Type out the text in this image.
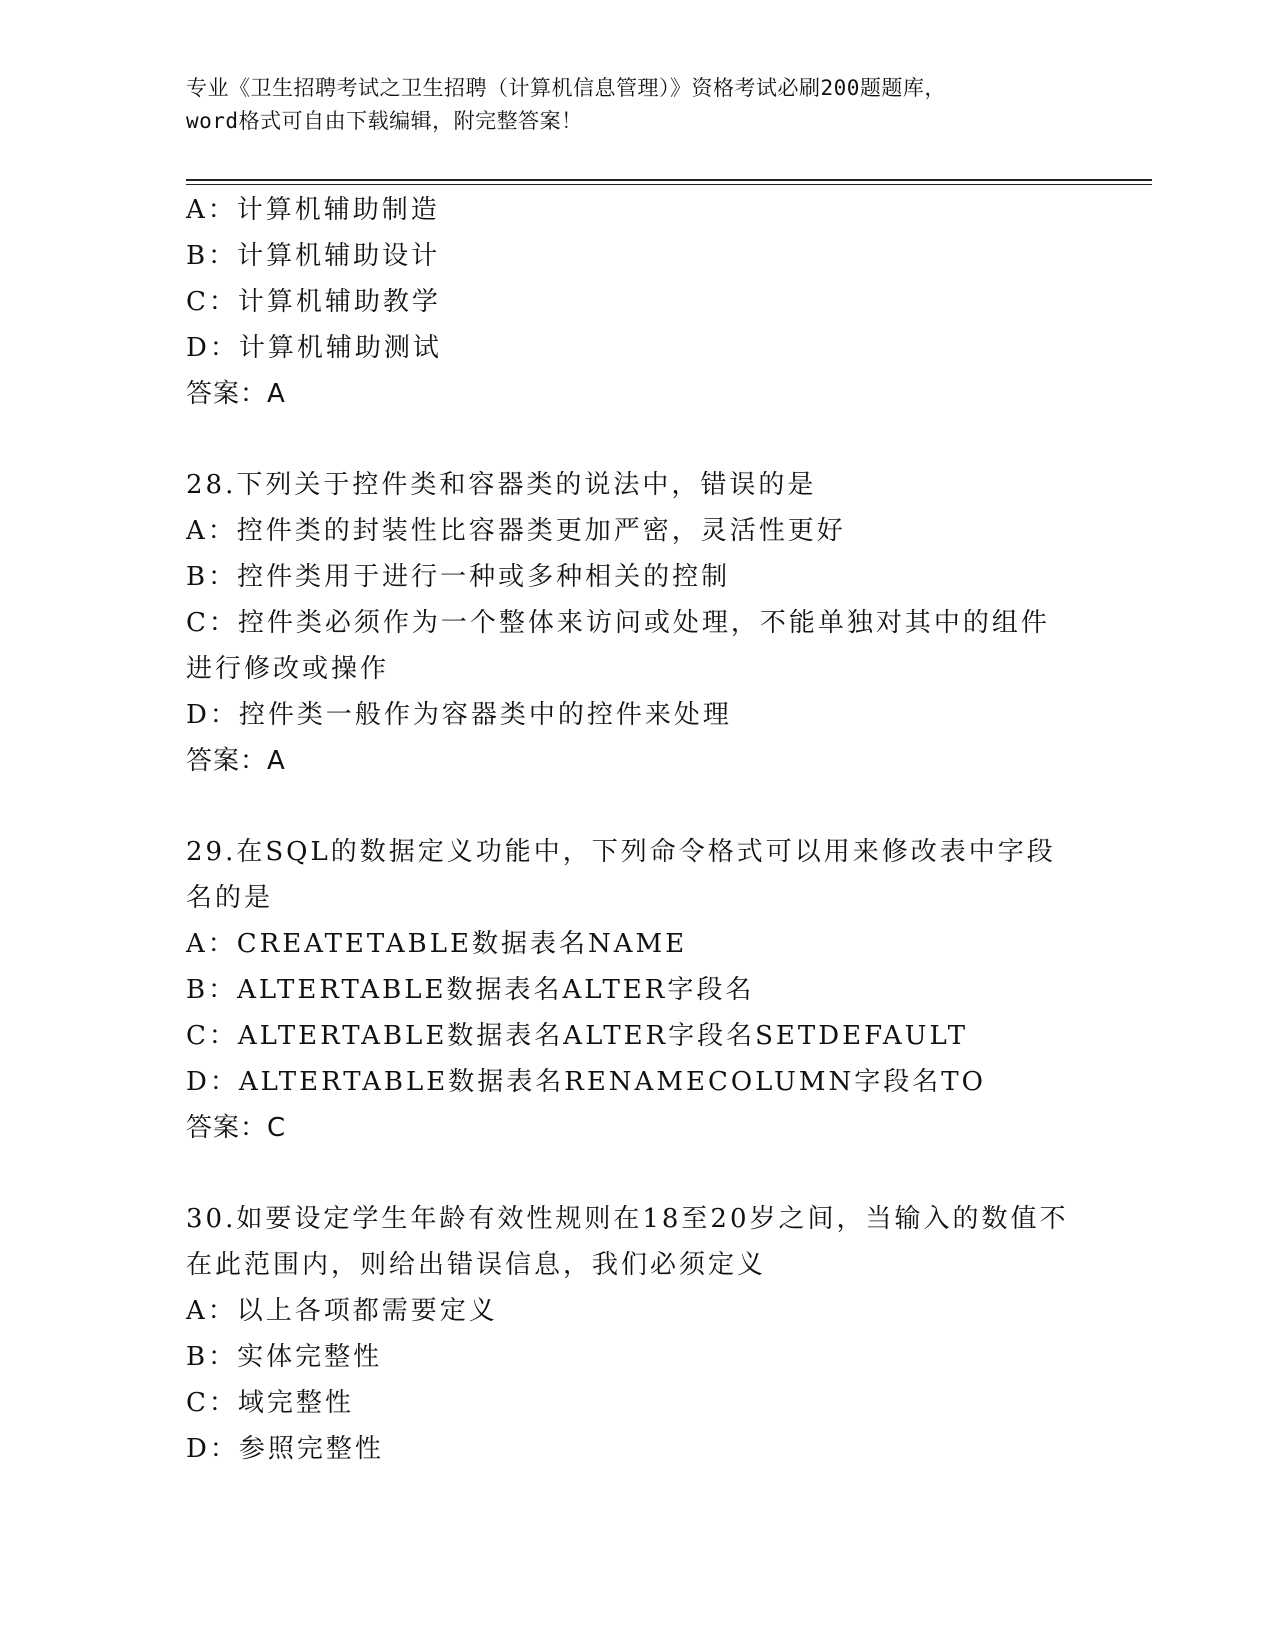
专业《卫生招聘考试之卫生招聘（计算机信息管理）》资格考试必刷200题题库，
word格式可自由下载编辑，附完整答案！
A：计算机辅助制造
B：计算机辅助设计
C：计算机辅助教学
D：计算机辅助测试
答案：A
28.下列关于控件类和容器类的说法中，错误的是
A：控件类的封装性比容器类更加严密，灵活性更好
B：控件类用于进行一种或多种相关的控制
C：控件类必须作为一个整体来访问或处理，不能单独对其中的组件进行修改或操作
D：控件类一般作为容器类中的控件来处理
答案：A
29.在SQL的数据定义功能中，下列命令格式可以用来修改表中字段名的是
A：CREATETABLE数据表名NAME
B：ALTERTABLE数据表名ALTER字段名
C：ALTERTABLE数据表名ALTER字段名SETDEFAULT
D：ALTERTABLE数据表名RENAMECOLUMN字段名TO
答案：C
30.如要设定学生年龄有效性规则在18至20岁之间，当输入的数值不在此范围内，则给出错误信息，我们必须定义
A：以上各项都需要定义
B：实体完整性
C：域完整性
D：参照完整性
